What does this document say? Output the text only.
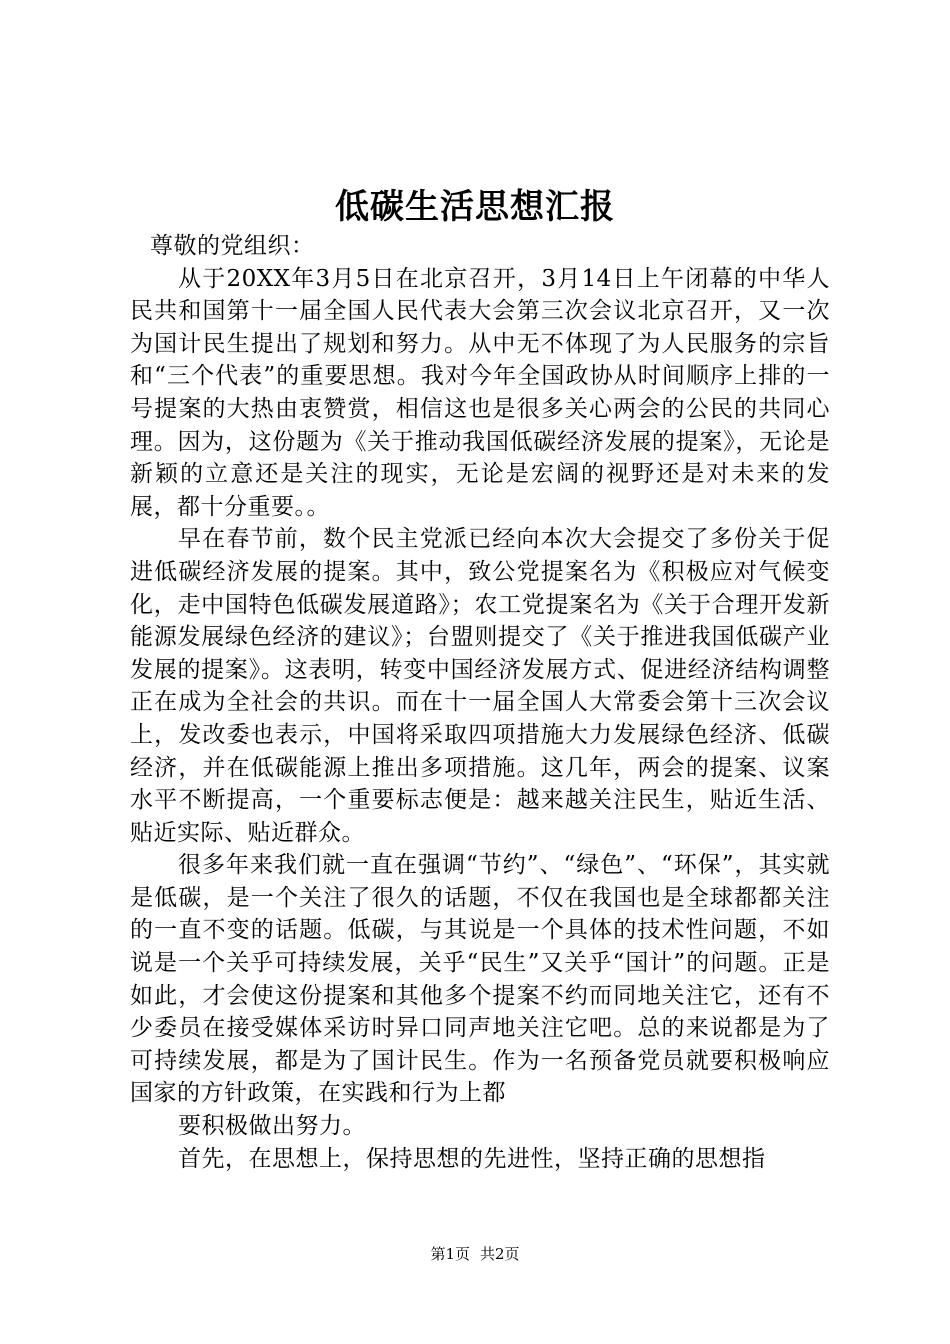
低碳生活思想汇报

尊敬的党组织：

从于20XX年3月5日在北京召开，3月14日上午闭幕的中华人民共和国第十一届全国人民代表大会第三次会议北京召开，又一次为国计民生提出了规划和努力。从中无不体现了为人民服务的宗旨和“三个代表”的重要思想。我对今年全国政协从时间顺序上排的一号提案的大热由衷赞赏，相信这也是很多关心两会的公民的共同心理。因为，这份题为《关于推动我国低碳经济发展的提案》，无论是新颖的立意还是关注的现实，无论是宏阔的视野还是对未来的发展，都十分重要。。

早在春节前，数个民主党派已经向本次大会提交了多份关于促进低碳经济发展的提案。其中，致公党提案名为《积极应对气候变化，走中国特色低碳发展道路》；农工党提案名为《关于合理开发新能源发展绿色经济的建议》；台盟则提交了《关于推进我国低碳产业发展的提案》。这表明，转变中国经济发展方式、促进经济结构调整正在成为全社会的共识。而在十一届全国人大常委会第十三次会议上，发改委也表示，中国将采取四项措施大力发展绿色经济、低碳经济，并在低碳能源上推出多项措施。这几年，两会的提案、议案水平不断提高，一个重要标志便是：越来越关注民生，贴近生活、贴近实际、贴近群众。

很多年来我们就一直在强调“节约”、“绿色”、“环保”，其实就是低碳，是一个关注了很久的话题，不仅在我国也是全球都都关注的一直不变的话题。低碳，与其说是一个具体的技术性问题，不如说是一个关乎可持续发展，关乎“民生”又关乎“国计”的问题。正是如此，才会使这份提案和其他多个提案不约而同地关注它，还有不少委员在接受媒体采访时异口同声地关注它吧。总的来说都是为了可持续发展，都是为了国计民生。作为一名预备党员就要积极响应国家的方针政策，在实践和行为上都

要积极做出努力。

首先，在思想上，保持思想的先进性，坚持正确的思想指

第1页 共2页
